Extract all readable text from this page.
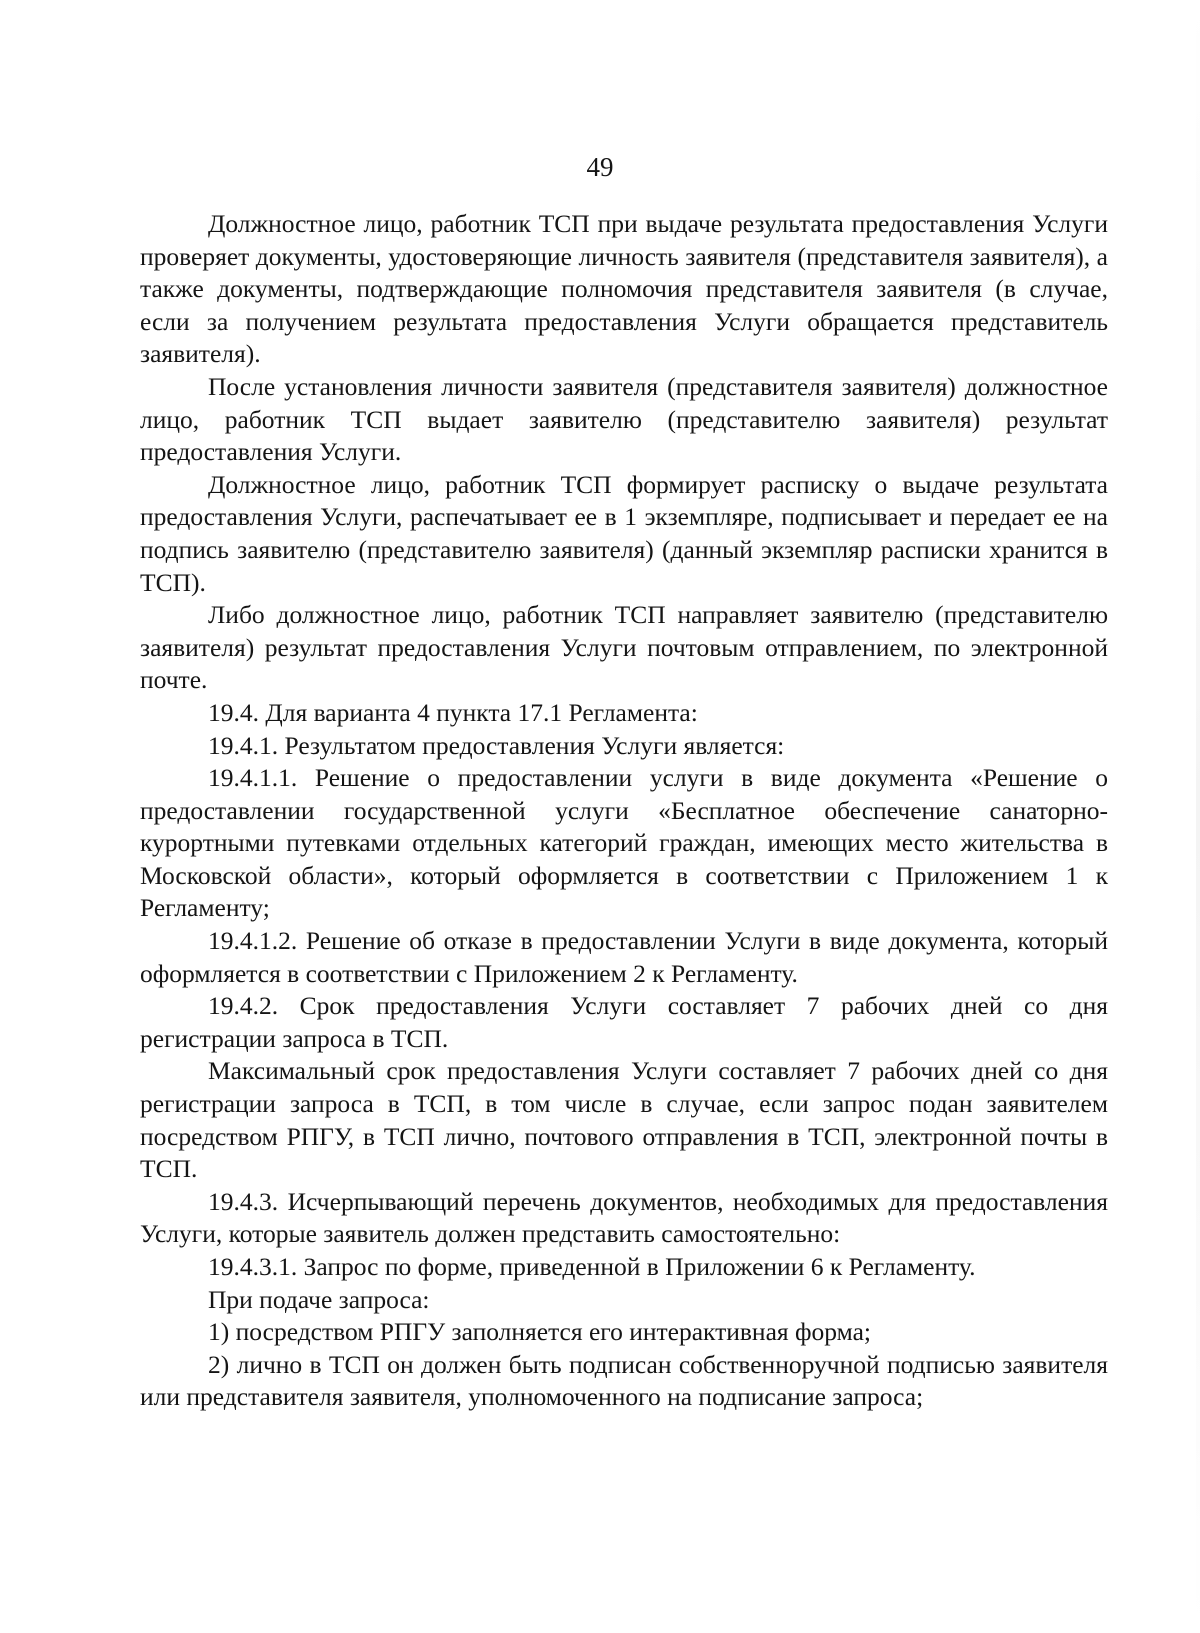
49

Должностное лицо, работник ТСП при выдаче результата предоставления Услуги проверяет документы, удостоверяющие личность заявителя (представителя заявителя), а также документы, подтверждающие полномочия представителя заявителя (в случае, если за получением результата предоставления Услуги обращается представитель заявителя).

После установления личности заявителя (представителя заявителя) должностное лицо, работник ТСП выдает заявителю (представителю заявителя) результат предоставления Услуги.

Должностное лицо, работник ТСП формирует расписку о выдаче результата предоставления Услуги, распечатывает ее в 1 экземпляре, подписывает и передает ее на подпись заявителю (представителю заявителя) (данный экземпляр расписки хранится в ТСП).

Либо должностное лицо, работник ТСП направляет заявителю (представителю заявителя) результат предоставления Услуги почтовым отправлением, по электронной почте.

19.4. Для варианта 4 пункта 17.1 Регламента:

19.4.1. Результатом предоставления Услуги является:

19.4.1.1. Решение о предоставлении услуги в виде документа «Решение о предоставлении государственной услуги «Бесплатное обеспечение санаторно-курортными путевками отдельных категорий граждан, имеющих место жительства в Московской области», который оформляется в соответствии с Приложением 1 к Регламенту;

19.4.1.2. Решение об отказе в предоставлении Услуги в виде документа, который оформляется в соответствии с Приложением 2 к Регламенту.

19.4.2. Срок предоставления Услуги составляет 7 рабочих дней со дня регистрации запроса в ТСП.

Максимальный срок предоставления Услуги составляет 7 рабочих дней со дня регистрации запроса в ТСП, в том числе в случае, если запрос подан заявителем посредством РПГУ, в ТСП лично, почтового отправления в ТСП, электронной почты в ТСП.

19.4.3. Исчерпывающий перечень документов, необходимых для предоставления Услуги, которые заявитель должен представить самостоятельно:

19.4.3.1. Запрос по форме, приведенной в Приложении 6 к Регламенту.

При подаче запроса:

1) посредством РПГУ заполняется его интерактивная форма;

2) лично в ТСП он должен быть подписан собственноручной подписью заявителя или представителя заявителя, уполномоченного на подписание запроса;
